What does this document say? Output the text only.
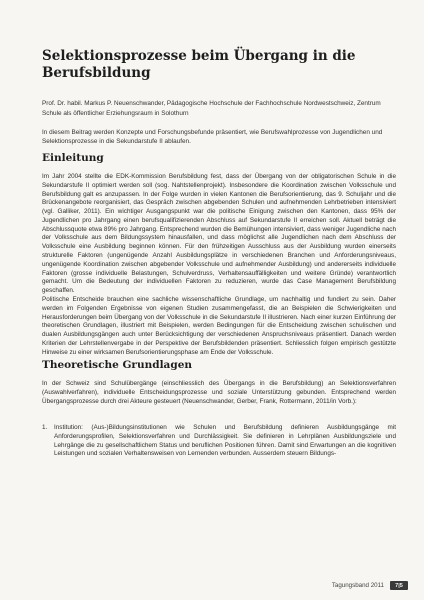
Selektionsprozesse beim Übergang in die Berufsbildung
Prof. Dr. habil. Markus P. Neuenschwander, Pädagogische Hochschule der Fachhochschule Nordwestschweiz, Zentrum Schule als öffentlicher Erziehungsraum in Solothurn
In diesem Beitrag werden Konzepte und Forschungsbefunde präsentiert, wie Berufswahlprozesse von Jugendlichen und Selektionsprozesse in die Sekundarstufe II ablaufen.
Einleitung

Im Jahr 2004 stellte die EDK-Kommission Berufsbildung fest, dass der Übergang von der obligatorischen Schule in die Sekundarstufe II optimiert werden soll (sog. Nahtstellenprojekt). Insbesondere die Koordination zwischen Volksschule und Berufsbildung galt es anzupassen. In der Folge wurden in vielen Kantonen die Berufsorientierung, das 9. Schuljahr und die Brückenangebote reorganisiert, das Gespräch zwischen abgebenden Schulen und aufnehmenden Lehrbetrieben intensiviert (vgl. Galliker, 2011). Ein wichtiger Ausgangspunkt war die politische Einigung zwischen den Kantonen, dass 95% der Jugendlichen pro Jahrgang einen berufsqualifizierenden Abschluss auf Sekundarstufe II erreichen soll. Aktuell beträgt die Abschlussquote etwa 89% pro Jahrgang. Entsprechend wurden die Bemühungen intensiviert, dass weniger Jugendliche nach der Volksschule aus dem Bildungssystem hinausfallen, und dass möglichst alle Jugendlichen nach dem Abschluss der Volksschule eine Ausbildung beginnen können. Für den frühzeitigen Ausschluss aus der Ausbildung wurden einerseits strukturelle Faktoren (ungenügende Anzahl Ausbildungsplätze in verschiedenen Branchen und Anforderungsniveaus, ungenügende Koordination zwischen abgebender Volksschule und aufnehmender Ausbildung) und andererseits individuelle Faktoren (grosse individuelle Belastungen, Schulverdruss, Verhaltensauffälligkeiten und weitere Gründe) verantwortlich gemacht. Um die Bedeutung der individuellen Faktoren zu reduzieren, wurde das Case Management Berufsbildung geschaffen.

Politische Entscheide brauchen eine sachliche wissenschaftliche Grundlage, um nachhaltig und fundiert zu sein. Daher werden im Folgenden Ergebnisse von eigenen Studien zusammengefasst, die an Beispielen die Schwierigkeiten und Herausforderungen beim Übergang von der Volksschule in die Sekundarstufe II illustrieren. Nach einer kurzen Einführung der theoretischen Grundlagen, illustriert mit Beispielen, werden Bedingungen für die Entscheidung zwischen schulischen und dualen Ausbildungsgängen auch unter Berücksichtigung der verschiedenen Anspruchsniveaus präsentiert. Danach werden Kriterien der Lehrstellenvergabe in der Perspektive der Berufsbildenden präsentiert. Schliesslich folgen empirisch gestützte Hinweise zu einer wirksamen Berufsorientierungsphase am Ende der Volksschule.

Theoretische Grundlagen

In der Schweiz sind Schulübergänge (einschliesslich des Übergangs in die Berufsbildung) an Selektionsverfahren (Auswahlverfahren), individuelle Entscheidungsprozesse und soziale Unterstützung gebunden. Entsprechend werden Übergangsprozesse durch drei Akteure gesteuert (Neuenschwander, Gerber, Frank, Rottermann, 2011/in Vorb.):

1.	Institution: (Aus-)Bildungsinstitutionen wie Schulen und Berufsbildung definieren Ausbildungsgänge mit Anforderungsprofilen, Selektionsverfahren und Durchlässigkeit. Sie definieren in Lehrplänen Ausbildungsziele und Lehrgänge die zu gesellschaftlichem Status und beruflichen Positionen führen. Damit sind Erwartungen an die kognitiven Leistungen und sozialen Verhaltensweisen von Lernenden verbunden. Ausserdem steuern Bildungs-
Tagungsband 2011	7|5
